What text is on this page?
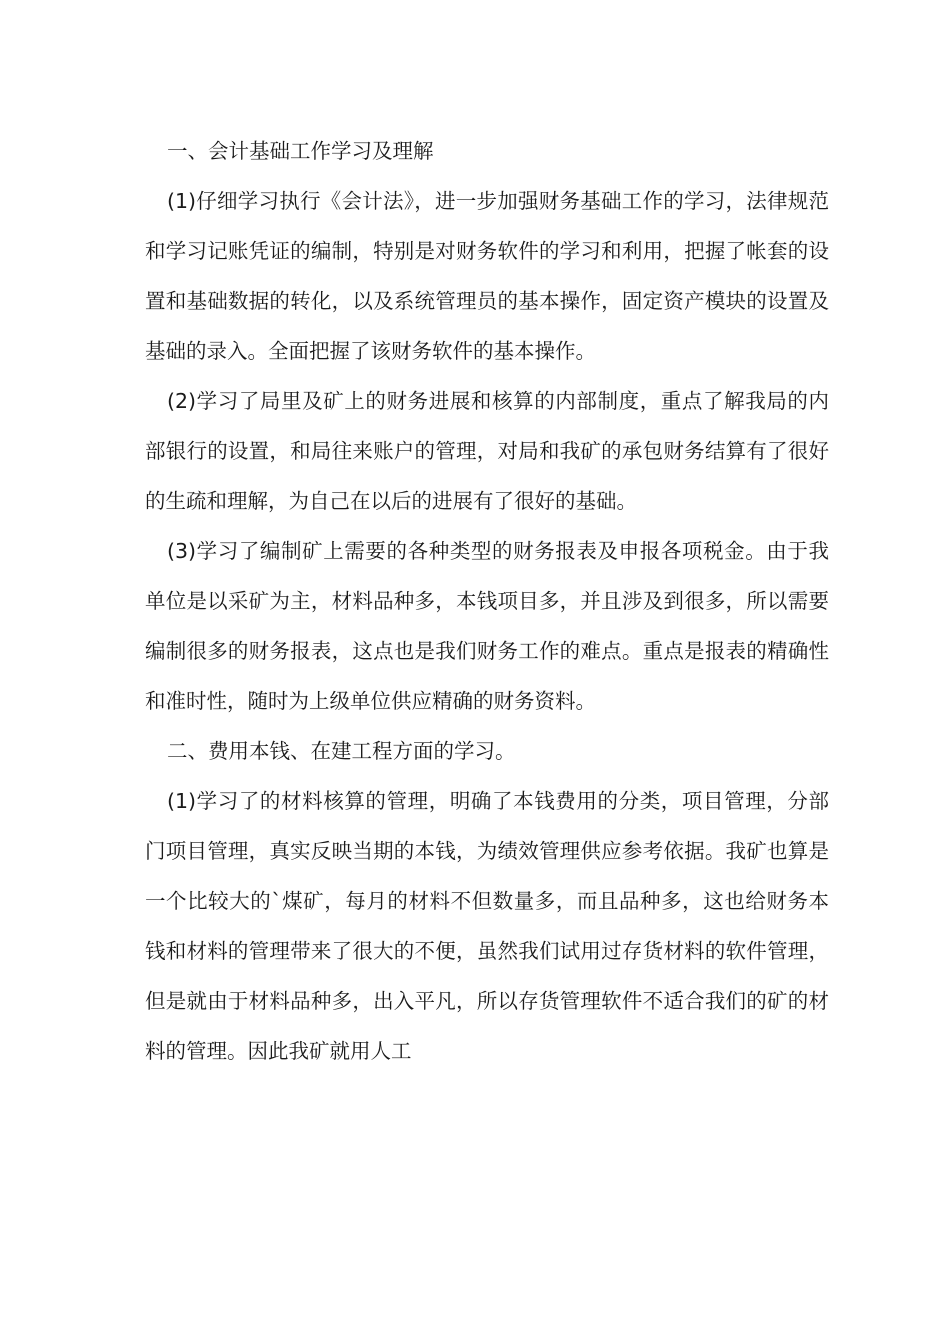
一、会计基础工作学习及理解

(1)仔细学习执行《会计法》，进一步加强财务基础工作的学习，法律规范和学习记账凭证的编制，特别是对财务软件的学习和利用，把握了帐套的设置和基础数据的转化，以及系统管理员的基本操作，固定资产模块的设置及基础的录入。全面把握了该财务软件的基本操作。

(2)学习了局里及矿上的财务进展和核算的内部制度，重点了解我局的内部银行的设置，和局往来账户的管理，对局和我矿的承包财务结算有了很好的生疏和理解，为自己在以后的进展有了很好的基础。

(3)学习了编制矿上需要的各种类型的财务报表及申报各项税金。由于我单位是以采矿为主，材料品种多，本钱项目多，并且涉及到很多，所以需要编制很多的财务报表，这点也是我们财务工作的难点。重点是报表的精确性和准时性，随时为上级单位供应精确的财务资料。

二、费用本钱、在建工程方面的学习。

(1)学习了的材料核算的管理，明确了本钱费用的分类，项目管理，分部门项目管理，真实反映当期的本钱，为绩效管理供应参考依据。我矿也算是一个比较大的`煤矿，每月的材料不但数量多，而且品种多，这也给财务本钱和材料的管理带来了很大的不便，虽然我们试用过存货材料的软件管理，但是就由于材料品种多，出入平凡，所以存货管理软件不适合我们的矿的材料的管理。因此我矿就用人工
